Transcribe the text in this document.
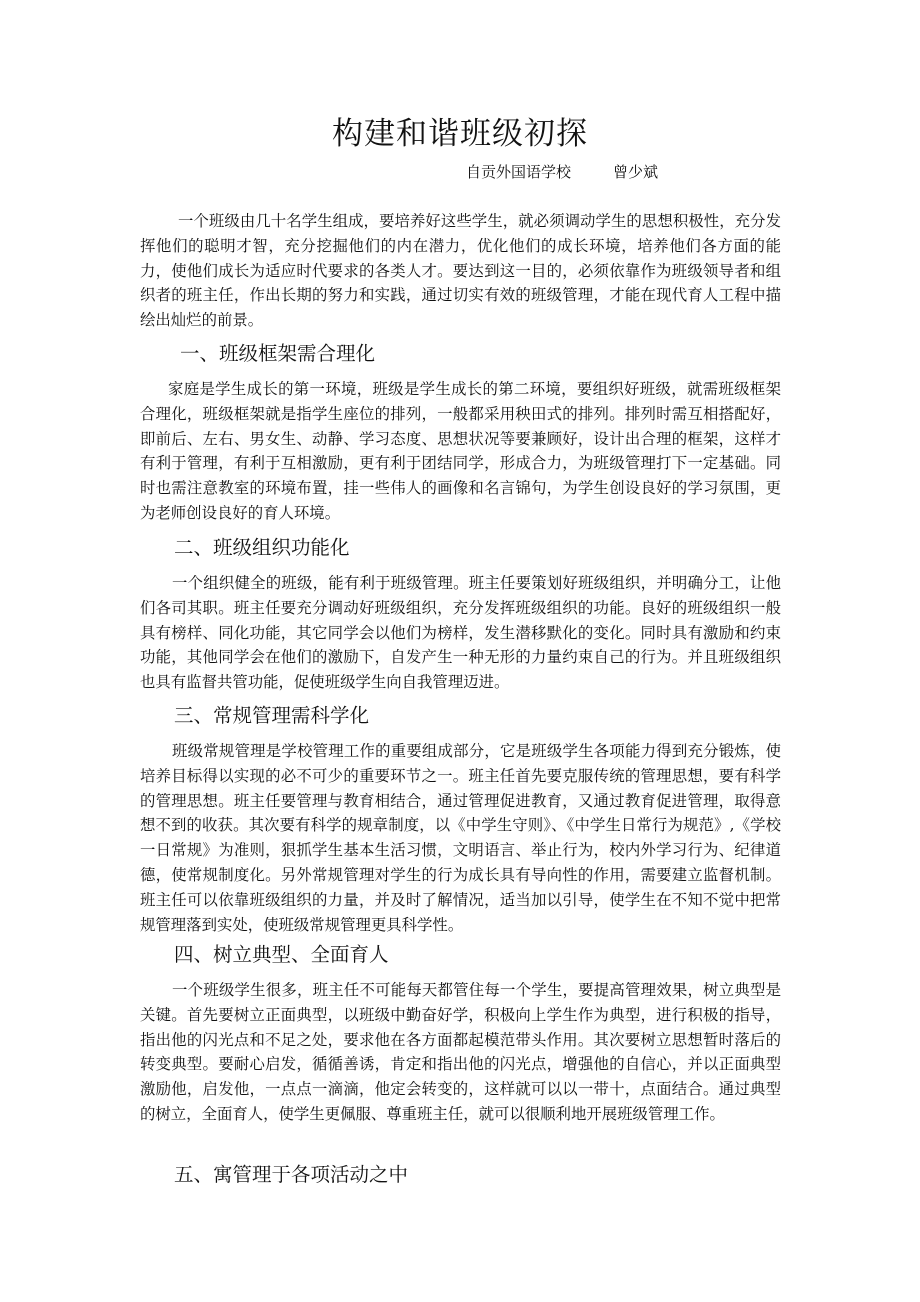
构建和谐班级初探
自贡外国语学校	曾少斌

一个班级由几十名学生组成，要培养好这些学生，就必须调动学生的思想积极性，充分发挥他们的聪明才智，充分挖掘他们的内在潜力，优化他们的成长环境，培养他们各方面的能力，使他们成长为适应时代要求的各类人才。要达到这一目的，必须依靠作为班级领导者和组织者的班主任，作出长期的努力和实践，通过切实有效的班级管理，才能在现代育人工程中描绘出灿烂的前景。

一、班级框架需合理化

家庭是学生成长的第一环境，班级是学生成长的第二环境，要组织好班级，就需班级框架合理化，班级框架就是指学生座位的排列，一般都采用秧田式的排列。排列时需互相搭配好，即前后、左右、男女生、动静、学习态度、思想状况等要兼顾好，设计出合理的框架，这样才有利于管理，有利于互相激励，更有利于团结同学，形成合力，为班级管理打下一定基础。同时也需注意教室的环境布置，挂一些伟人的画像和名言锦句，为学生创设良好的学习氛围，更为老师创设良好的育人环境。

二、班级组织功能化

一个组织健全的班级，能有利于班级管理。班主任要策划好班级组织，并明确分工，让他们各司其职。班主任要充分调动好班级组织，充分发挥班级组织的功能。良好的班级组织一般具有榜样、同化功能，其它同学会以他们为榜样，发生潜移默化的变化。同时具有激励和约束功能，其他同学会在他们的激励下，自发产生一种无形的力量约束自己的行为。并且班级组织也具有监督共管功能，促使班级学生向自我管理迈进。

三、常规管理需科学化

班级常规管理是学校管理工作的重要组成部分，它是班级学生各项能力得到充分锻炼，使培养目标得以实现的必不可少的重要环节之一。班主任首先要克服传统的管理思想，要有科学的管理思想。班主任要管理与教育相结合，通过管理促进教育，又通过教育促进管理，取得意想不到的收获。其次要有科学的规章制度，以《中学生守则》、《中学生日常行为规范》,《学校一日常规》为准则，狠抓学生基本生活习惯，文明语言、举止行为，校内外学习行为、纪律道德，使常规制度化。另外常规管理对学生的行为成长具有导向性的作用，需要建立监督机制。班主任可以依靠班级组织的力量，并及时了解情况，适当加以引导，使学生在不知不觉中把常规管理落到实处，使班级常规管理更具科学性。

四、树立典型、全面育人

一个班级学生很多，班主任不可能每天都管住每一个学生，要提高管理效果，树立典型是关键。首先要树立正面典型，以班级中勤奋好学，积极向上学生作为典型，进行积极的指导，指出他的闪光点和不足之处，要求他在各方面都起模范带头作用。其次要树立思想暂时落后的转变典型。要耐心启发，循循善诱，肯定和指出他的闪光点，增强他的自信心，并以正面典型激励他，启发他，一点点一滴滴，他定会转变的，这样就可以以一带十，点面结合。通过典型的树立，全面育人，使学生更佩服、尊重班主任，就可以很顺利地开展班级管理工作。

五、寓管理于各项活动之中
